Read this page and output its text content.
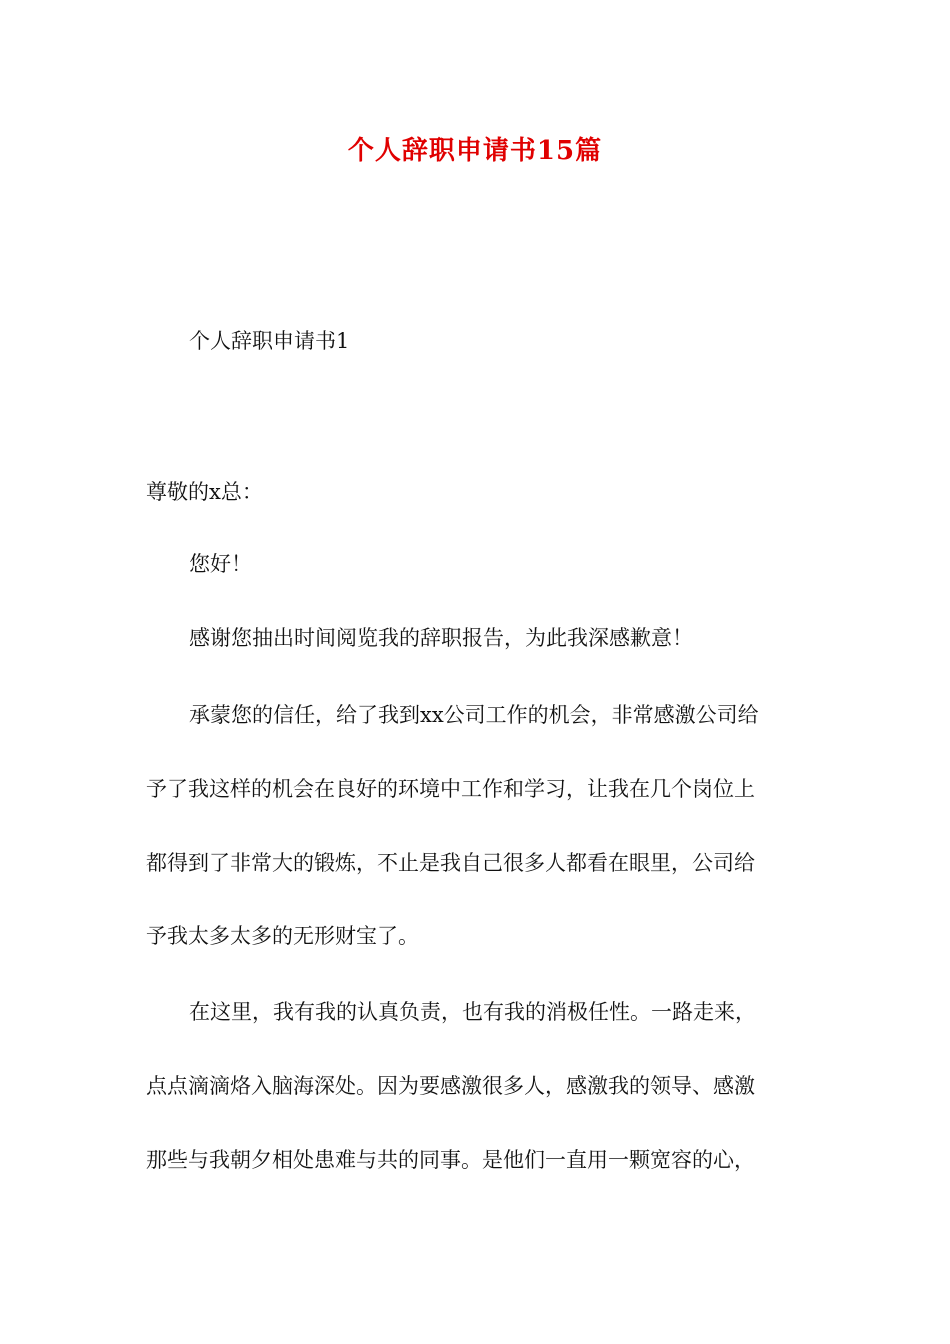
个人辞职申请书15篇
个人辞职申请书1
尊敬的x总：
您好！
感谢您抽出时间阅览我的辞职报告，为此我深感歉意！
承蒙您的信任，给了我到xx公司工作的机会，非常感激公司给
予了我这样的机会在良好的环境中工作和学习，让我在几个岗位上
都得到了非常大的锻炼，不止是我自己很多人都看在眼里，公司给
予我太多太多的无形财宝了。
在这里，我有我的认真负责，也有我的消极任性。一路走来，
点点滴滴烙入脑海深处。因为要感激很多人，感激我的领导、感激
那些与我朝夕相处患难与共的同事。是他们一直用一颗宽容的心，
